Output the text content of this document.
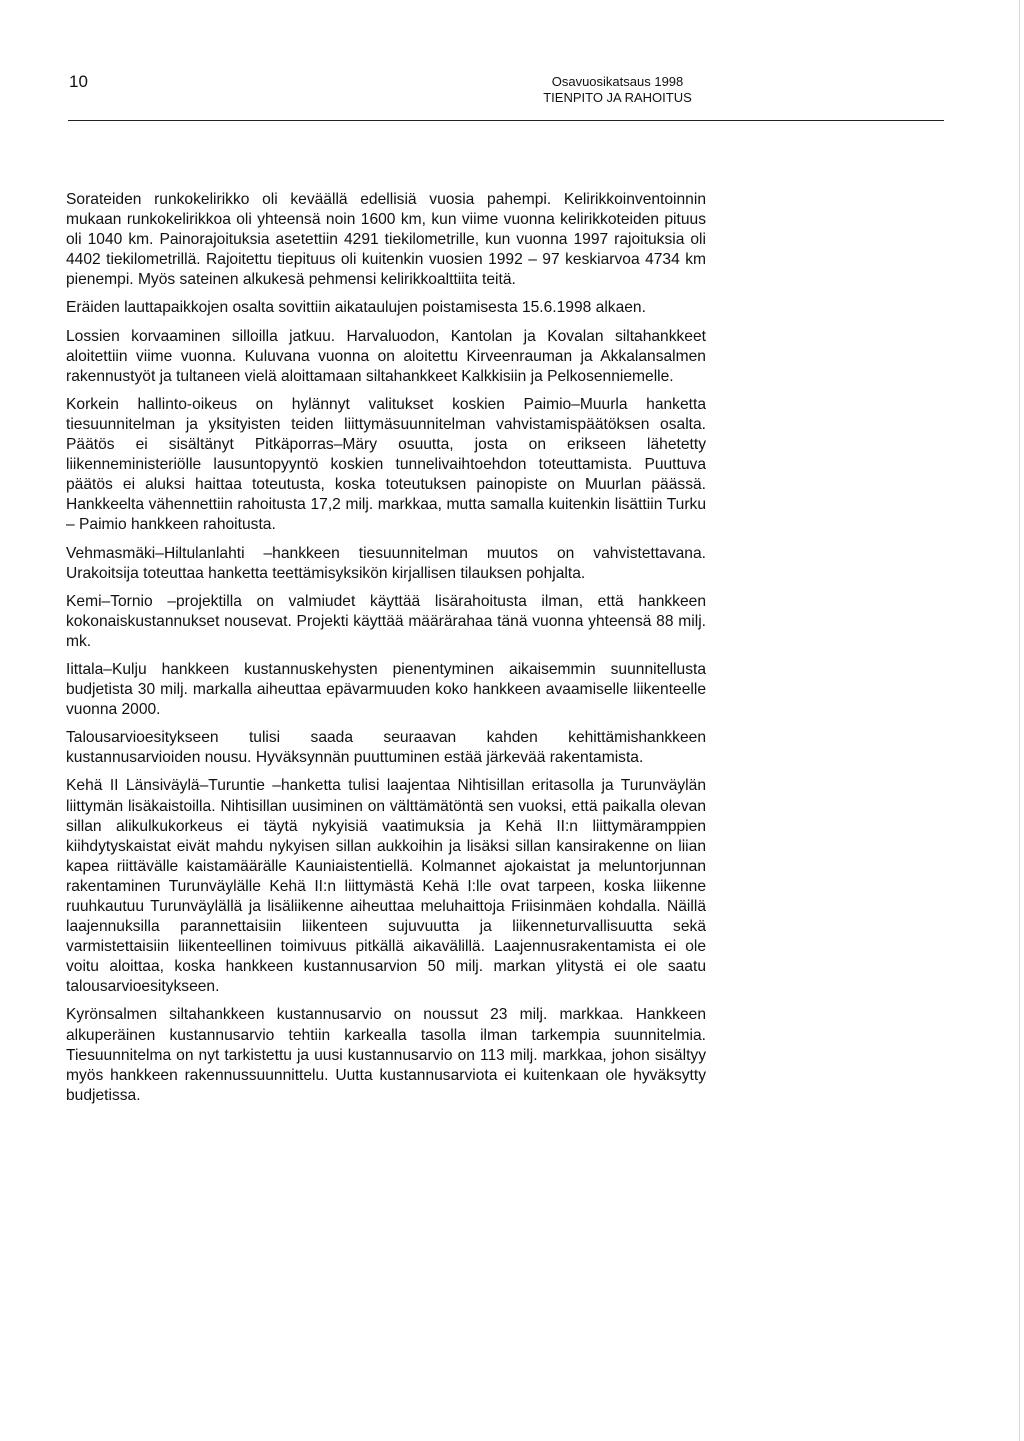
10	Osavuosikatsaus 1998
TIENPITO JA RAHOITUS

Sorateiden runkokelirikko oli keväällä edellisiä vuosia pahempi. Kelirikkoinventoinnin mukaan runkokelirikkoa oli yhteensä noin 1600 km, kun viime vuonna kelirikkoteiden pituus oli 1040 km. Painorajoituksia asetettiin 4291 tiekilometrille, kun vuonna 1997 rajoituksia oli 4402 tiekilometrillä. Rajoitettu tiepituus oli kuitenkin vuosien 1992 – 97 keskiarvoa 4734 km pienempi. Myös sateinen alkukesä pehmensi kelirikkoalttiita teitä.

Eräiden lauttapaikkojen osalta sovittiin aikataulujen poistamisesta 15.6.1998 alkaen.

Lossien korvaaminen silloilla jatkuu. Harvaluodon, Kantolan ja Kovalan siltahankkeet aloitettiin viime vuonna. Kuluvana vuonna on aloitettu Kirveenrauman ja Akkalansalmen rakennustyöt ja tultaneen vielä aloittamaan siltahankkeet Kalkkisiin ja Pelkosenniemelle.

Korkein hallinto-oikeus on hylännyt valitukset koskien Paimio–Muurla hanketta tiesuunnitelman ja yksityisten teiden liittymäsuunnitelman vahvistamispäätöksen osalta. Päätös ei sisältänyt Pitkäporras–Märy osuutta, josta on erikseen lähetetty liikenneministeriölle lausuntopyyntö koskien tunnelivaihtoehdon toteuttamista. Puuttuva päätös ei aluksi haittaa toteutusta, koska toteutuksen painopiste on Muurlan päässä. Hankkeelta vähennettiin rahoitusta 17,2 milj. markkaa, mutta samalla kuitenkin lisättiin Turku – Paimio hankkeen rahoitusta.

Vehmasmäki–Hiltulanlahti –hankkeen tiesuunnitelman muutos on vahvistettavana. Urakoitsija toteuttaa hanketta teettämisyksikön kirjallisen tilauksen pohjalta.

Kemi–Tornio –projektilla on valmiudet käyttää lisärahoitusta ilman, että hankkeen kokonaiskustannukset nousevat. Projekti käyttää määrärahaa tänä vuonna yhteensä 88 milj. mk.

Iittala–Kulju hankkeen kustannuskehysten pienentyminen aikaisemmin suunnitellusta budjetista 30 milj. markalla aiheuttaa epävarmuuden koko hankkeen avaamiselle liikenteelle vuonna 2000.

Talousarvioesitykseen tulisi saada seuraavan kahden kehittämishankkeen kustannusarvioiden nousu. Hyväksynnän puuttuminen estää järkevää rakentamista.

Kehä II Länsiväylä–Turuntie –hanketta tulisi laajentaa Nihtisillan eritasolla ja Turunväylän liittymän lisäkaistoilla. Nihtisillan uusiminen on välttämätöntä sen vuoksi, että paikalla olevan sillan alikulkukorkeus ei täytä nykyisiä vaatimuksia ja Kehä II:n liittymäramppien kiihdytyskaistat eivät mahdu nykyisen sillan aukkoihin ja lisäksi sillan kansirakenne on liian kapea riittävälle kaistamäärälle Kauniaistentiellä. Kolmannet ajokaistat ja meluntorjunnan rakentaminen Turunväylälle Kehä II:n liittymästä Kehä I:lle ovat tarpeen, koska liikenne ruuhkautuu Turunväylällä ja lisäliikenne aiheuttaa meluhaittoja Friisinmäen kohdalla. Näillä laajennuksilla parannettaisiin liikenteen sujuvuutta ja liikenneturvallisuutta sekä varmistettaisiin liikenteellinen toimivuus pitkällä aikavälillä. Laajennusrakentamista ei ole voitu aloittaa, koska hankkeen kustannusarvion 50 milj. markan ylitystä ei ole saatu talousarvioesitykseen.

Kyrönsalmen siltahankkeen kustannusarvio on noussut 23 milj. markkaa. Hankkeen alkuperäinen kustannusarvio tehtiin karkealla tasolla ilman tarkempia suunnitelmia. Tiesuunnitelma on nyt tarkistettu ja uusi kustannusarvio on 113 milj. markkaa, johon sisältyy myös hankkeen rakennussuunnittelu. Uutta kustannusarviota ei kuitenkaan ole hyväksytty budjetissa.
